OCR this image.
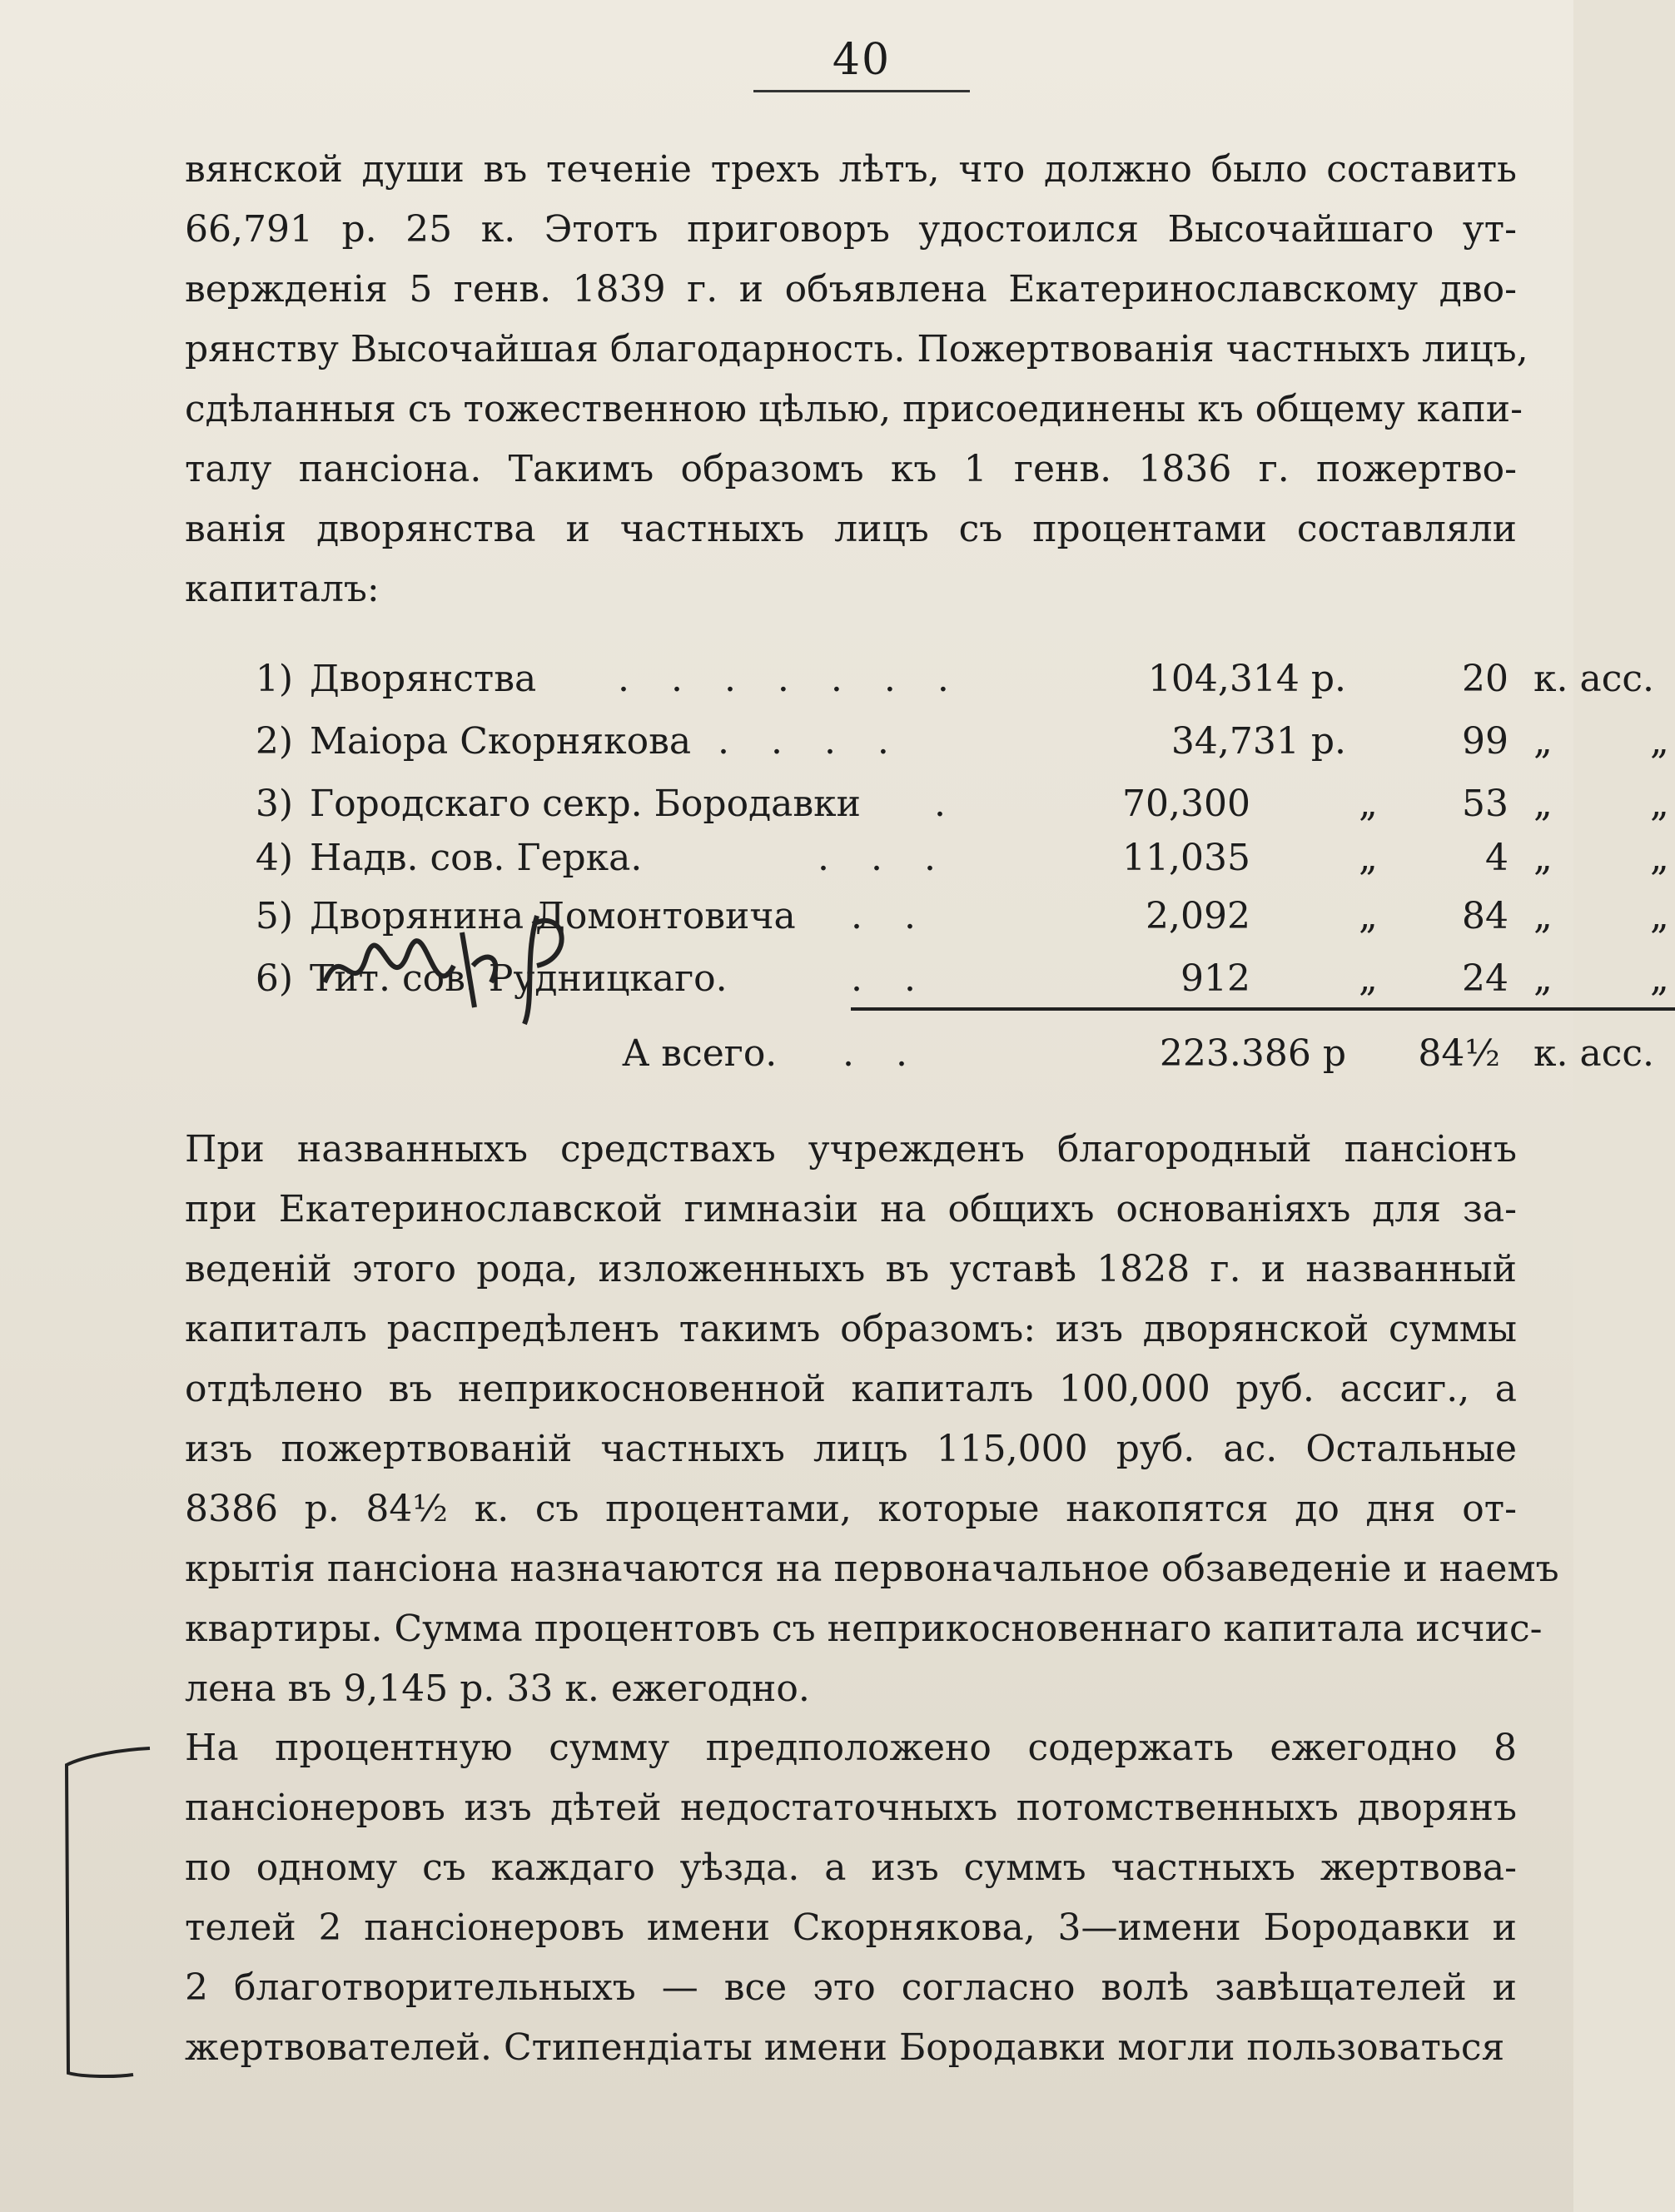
40
вянской души въ теченіе трехъ лѣтъ, что должно было составить
66,791 р. 25 к. Этотъ приговоръ удостоился Высочайшаго ут-
вержденія 5 генв. 1839 г. и объявлена Екатеринославскому дво-
рянству Высочайшая благодарность. Пожертвованія частныхъ лицъ,
сдѣланныя съ тожественною цѣлью, присоединены къ общему капи-
талу пансіона. Такимъ образомъ къ 1 генв. 1836 г. пожертво-
ванія дворянства и частныхъ лицъ съ процентами составляли
капиталъ:
1) Дворянства . . . . . . .	104,314 р.	20 к. асс.
2) Маіора Скорнякова . . . .	34,731 р.	99 „	„
3) Городскаго секр. Бородавки .	70,300	„	53 „	„
4) Надв. сов. Герка.	. . .	11,035	„	4 „	„
5) Дворянина Домонтовича . .	2,092	„	84 „	„
6) Тит. сов. Рудницкаго.	. .	912	„	24 „	„
А всего. . .	223.386 р	84½ к. асс.
При названныхъ средствахъ учрежденъ благородный пансіонъ
при Екатеринославской гимназіи на общихъ основаніяхъ для за-
веденій этого рода, изложенныхъ въ уставѣ 1828 г. и названный
капиталъ распредѣленъ такимъ образомъ: изъ дворянской суммы
отдѣлено въ неприкосновенной капиталъ 100,000 руб. ассиг., а
изъ пожертвованій частныхъ лицъ 115,000 руб. ас. Остальные
8386 р. 84½ к. съ процентами, которые накопятся до дня от-
крытія пансіона назначаются на первоначальное обзаведеніе и наемъ
квартиры. Сумма процентовъ съ неприкосновеннаго капитала исчис-
лена въ 9,145 р. 33 к. ежегодно.
На процентную сумму предположено содержать ежегодно 8
пансіонеровъ изъ дѣтей недостаточныхъ потомственныхъ дворянъ
по одному съ каждаго уѣзда. а изъ суммъ частныхъ жертвова-
телей 2 пансіонеровъ имени Скорнякова, 3—имени Бородавки и
2 благотворительныхъ — все это согласно волѣ завѣщателей и
жертвователей. Стипендіаты имени Бородавки могли пользоваться
